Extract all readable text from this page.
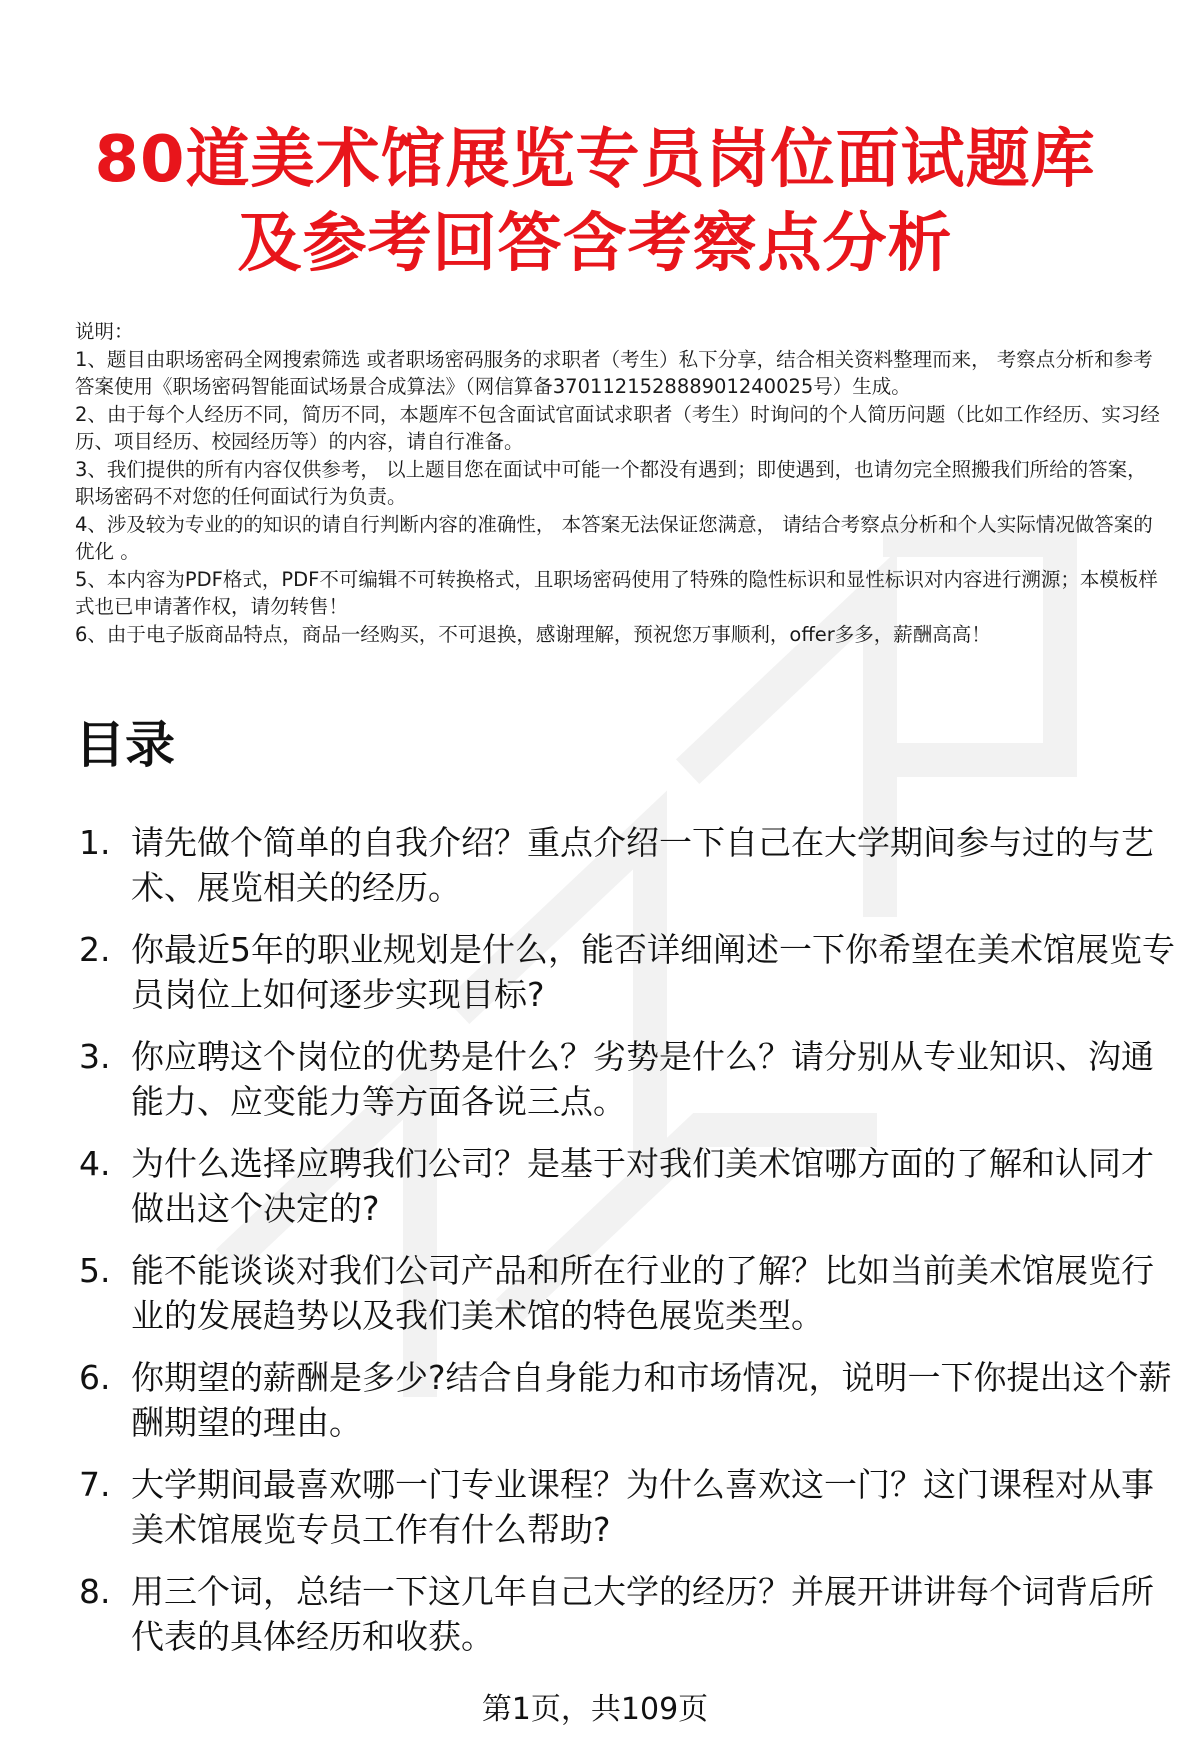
80道美术馆展览专员岗位面试题库
及参考回答含考察点分析

说明：

1、题目由职场密码全网搜索筛选 或者职场密码服务的求职者（考生）私下分享，结合相关资料整理而来， 考察点分析和参考答案使用《职场密码智能面试场景合成算法》（网信算备370112152888901240025号）生成。

2、由于每个人经历不同，简历不同，本题库不包含面试官面试求职者（考生）时询问的个人简历问题（比如工作经历、实习经历、项目经历、校园经历等）的内容，请自行准备。

3、我们提供的所有内容仅供参考， 以上题目您在面试中可能一个都没有遇到；即使遇到，也请勿完全照搬我们所给的答案，职场密码不对您的任何面试行为负责。

4、涉及较为专业的的知识的请自行判断内容的准确性， 本答案无法保证您满意， 请结合考察点分析和个人实际情况做答案的优化 。

5、本内容为PDF格式，PDF不可编辑不可转换格式，且职场密码使用了特殊的隐性标识和显性标识对内容进行溯源；本模板样式也已申请著作权，请勿转售！

6、由于电子版商品特点，商品一经购买，不可退换，感谢理解，预祝您万事顺利，offer多多，薪酬高高！

目录
1. 请先做个简单的自我介绍？重点介绍一下自己在大学期间参与过的与艺术、展览相关的经历。
2. 你最近5年的职业规划是什么，能否详细阐述一下你希望在美术馆展览专员岗位上如何逐步实现目标?
3. 你应聘这个岗位的优势是什么？劣势是什么？请分别从专业知识、沟通能力、应变能力等方面各说三点。
4. 为什么选择应聘我们公司？是基于对我们美术馆哪方面的了解和认同才做出这个决定的?
5. 能不能谈谈对我们公司产品和所在行业的了解？比如当前美术馆展览行业的发展趋势以及我们美术馆的特色展览类型。
6. 你期望的薪酬是多少?结合自身能力和市场情况，说明一下你提出这个薪酬期望的理由。
7. 大学期间最喜欢哪一门专业课程？为什么喜欢这一门？这门课程对从事美术馆展览专员工作有什么帮助?
8. 用三个词，总结一下这几年自己大学的经历？并展开讲讲每个词背后所代表的具体经历和收获。
第1页，共109页
